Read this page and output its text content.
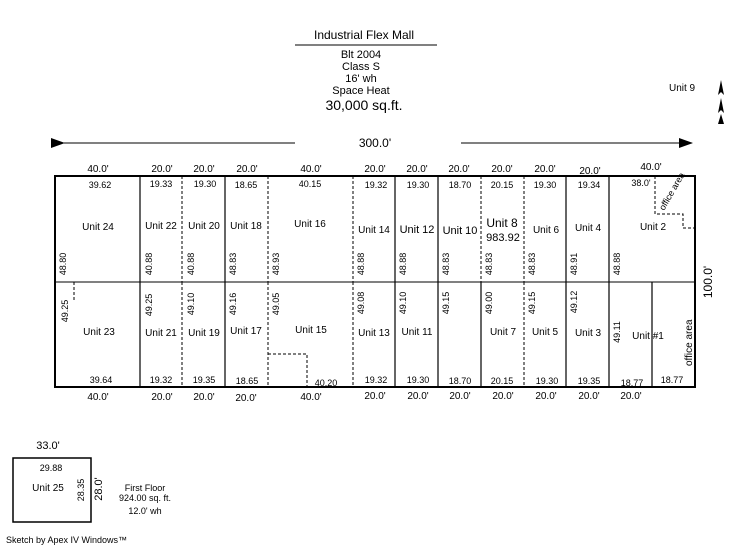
Industrial Flex Mall
Blt 2004
Class S
16' wh
Space Heat
30,000 sq.ft.
Unit 9
300.0'
40.0'	20.0' 20.0' 20.0'	40.0'	20.0' 20.0' 20.0' 20.0' 20.0' 20.0'	40.0'
39.62	19.33 19.30 18.65	40.15	19.32 19.30 18.70 20.15 19.30 19.34	38.0'
39.64	19.32 19.35 18.65	40.20	19.32 19.30 18.70 20.15 19.30 19.35 18.77 18.77
40.0'	20.0' 20.0' 20.0'	40.0'	20.0' 20.0' 20.0' 20.0' 20.0' 20.0' 20.0'
48.80	40.88	40.88	48.83	48.93	48.88	48.88	48.83	48.83	48.83	48.91	48.88
49.25	49.25	49.10	49.16	49.05	49.08	49.10	49.15	49.00	49.15	49.12
49.11
Unit 24	Unit 22 Unit 20 Unit 18	Unit 16
Unit 14 Unit 12 Unit 10
Unit 8
983.92
Unit 6 Unit 4	Unit 2
Unit 23	Unit 21 Unit 19 Unit 17	Unit 15	Unit 13 Unit 11	Unit 7 Unit 5 Unit 3	Unit #1
office area
office area
100.0'
33.0'
29.88
Unit 25 28.35 28.0' First Floor
924.00 sq. ft.
12.0' wh
Sketch by Apex IV Windows™
